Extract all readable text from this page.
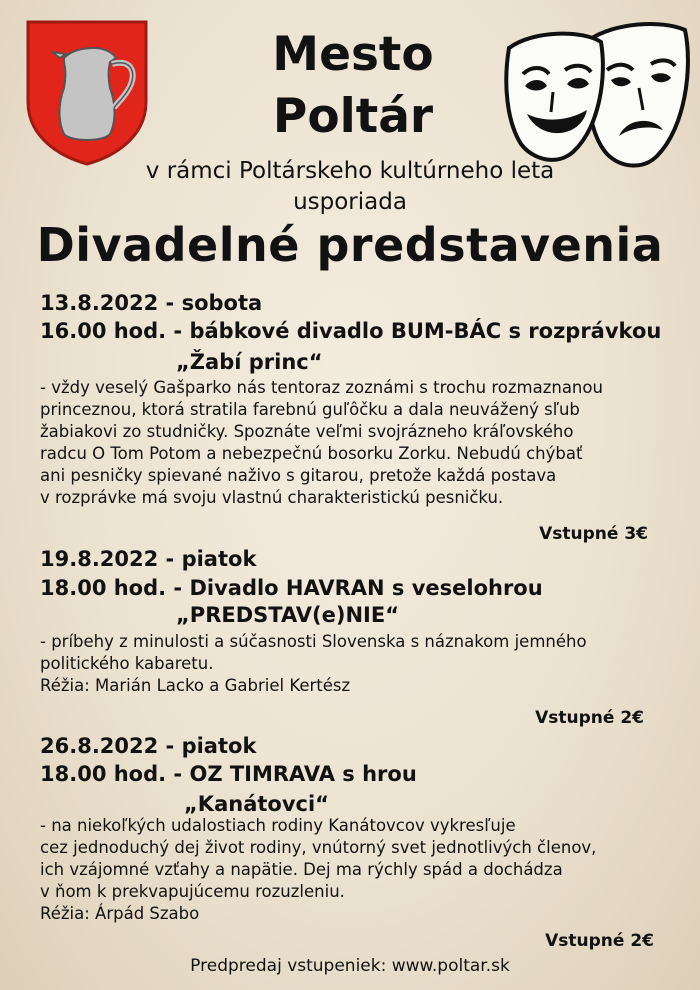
Mesto
Poltár
v rámci Poltárskeho kultúrneho leta
usporiada
Divadelné predstavenia
13.8.2022 - sobota
16.00 hod. - bábkové divadlo BUM-BÁC s rozprávkou
„Žabí princ“

- vždy veselý Gašparko nás tentoraz zoznámi s trochu rozmaznanou

princeznou, ktorá stratila farebnú guľôčku a dala neuvážený sľub

žabiakovi zo studničky. Spoznáte veľmi svojrázneho kráľovského

radcu O Tom Potom a nebezpečnú bosorku Zorku. Nebudú chýbať

ani pesničky spievané naživo s gitarou, pretože každá postava

v rozprávke má svoju vlastnú charakteristickú pesničku.

Vstupné 3€
19.8.2022 - piatok
18.00 hod. - Divadlo HAVRAN s veselohrou
„PREDSTAV(e)NIE“

- príbehy z minulosti a súčasnosti Slovenska s náznakom jemného

politického kabaretu.

Réžia: Marián Lacko a Gabriel Kertész

Vstupné 2€
26.8.2022 - piatok
18.00 hod. - OZ TIMRAVA s hrou
„Kanátovci“

- na niekoľkých udalostiach rodiny Kanátovcov vykresľuje

cez jednoduchý dej život rodiny, vnútorný svet jednotlivých členov,

ich vzájomné vzťahy a napätie. Dej ma rýchly spád a dochádza

v ňom k prekvapujúcemu rozuzleniu.

Réžia: Árpád Szabo

Vstupné 2€
Predpredaj vstupeniek: www.poltar.sk
